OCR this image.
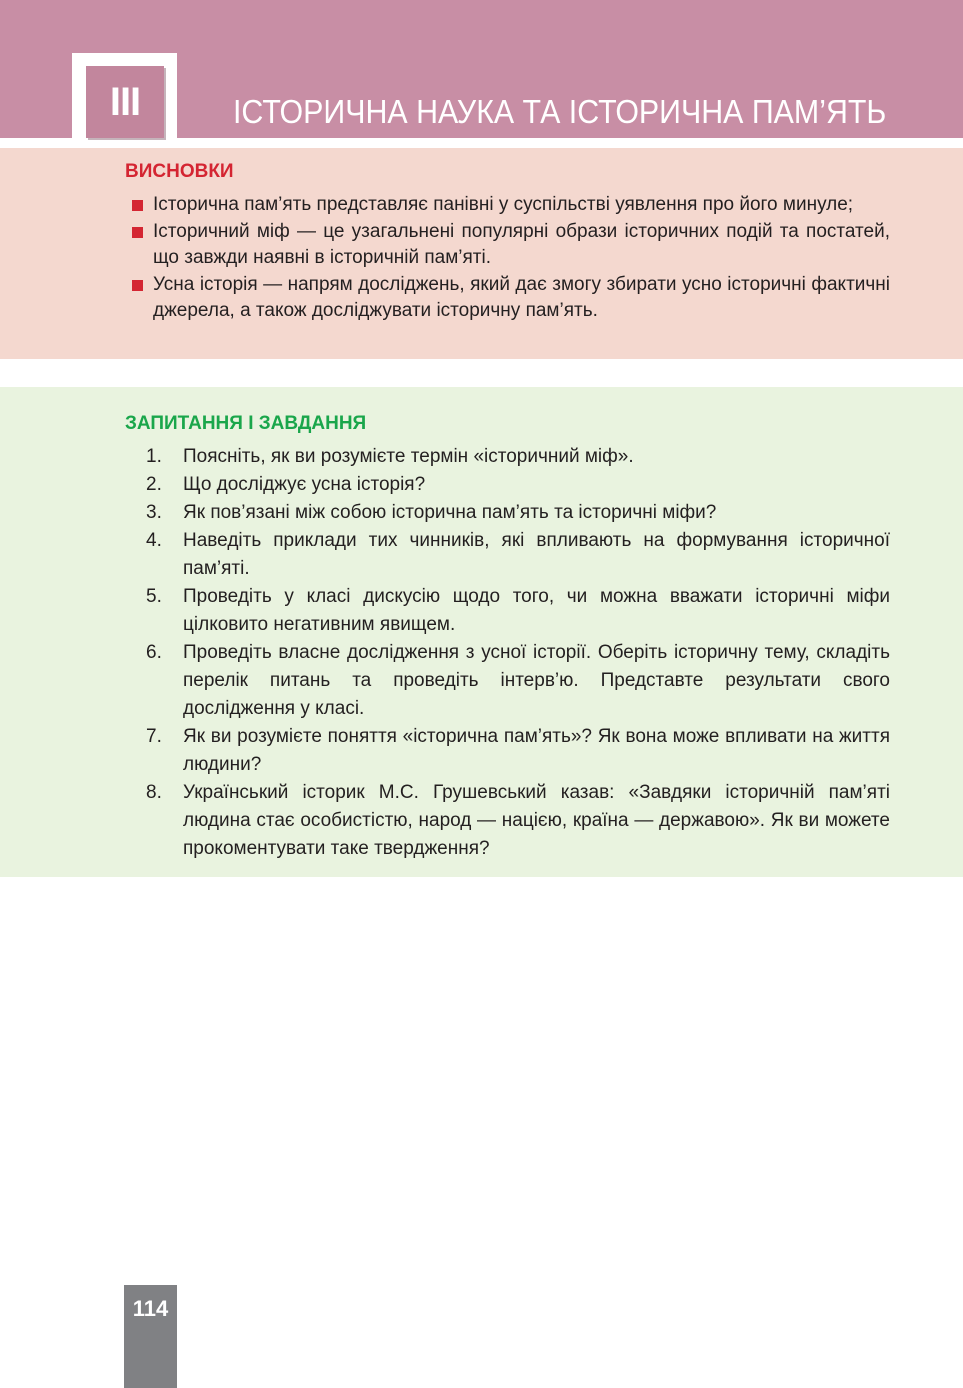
III	ІСТОРИЧНА НАУКА ТА ІСТОРИЧНА ПАМ’ЯТЬ
ВИСНОВКИ
Історична пам’ять представляє панівні у суспільстві уявлення про його минуле;
Історичний міф — це узагальнені популярні образи історичних подій та постатей, що завжди наявні в історичній пам’яті.
Усна історія — напрям досліджень, який дає змогу збирати усно історичні фактичні джерела, а також досліджувати історичну пам’ять.
ЗАПИТАННЯ І ЗАВДАННЯ
1. Поясніть, як ви розумієте термін «історичний міф».
2. Що досліджує усна історія?
3. Як пов’язані між собою історична пам’ять та історичні міфи?
4. Наведіть приклади тих чинників, які впливають на формування історичної пам’яті.
5. Проведіть у класі дискусію щодо того, чи можна вважати історичні міфи цілковито негативним явищем.
6. Проведіть власне дослідження з усної історії. Оберіть історичну тему, складіть перелік питань та проведіть інтерв’ю. Представте результати свого дослідження у класі.
7. Як ви розумієте поняття «історична пам’ять»? Як вона може впливати на життя людини?
8. Український історик М.С. Грушевський казав: «Завдяки історичній пам’яті людина стає особистістю, народ — нацією, країна — державою». Як ви можете прокоментувати таке твердження?
114
